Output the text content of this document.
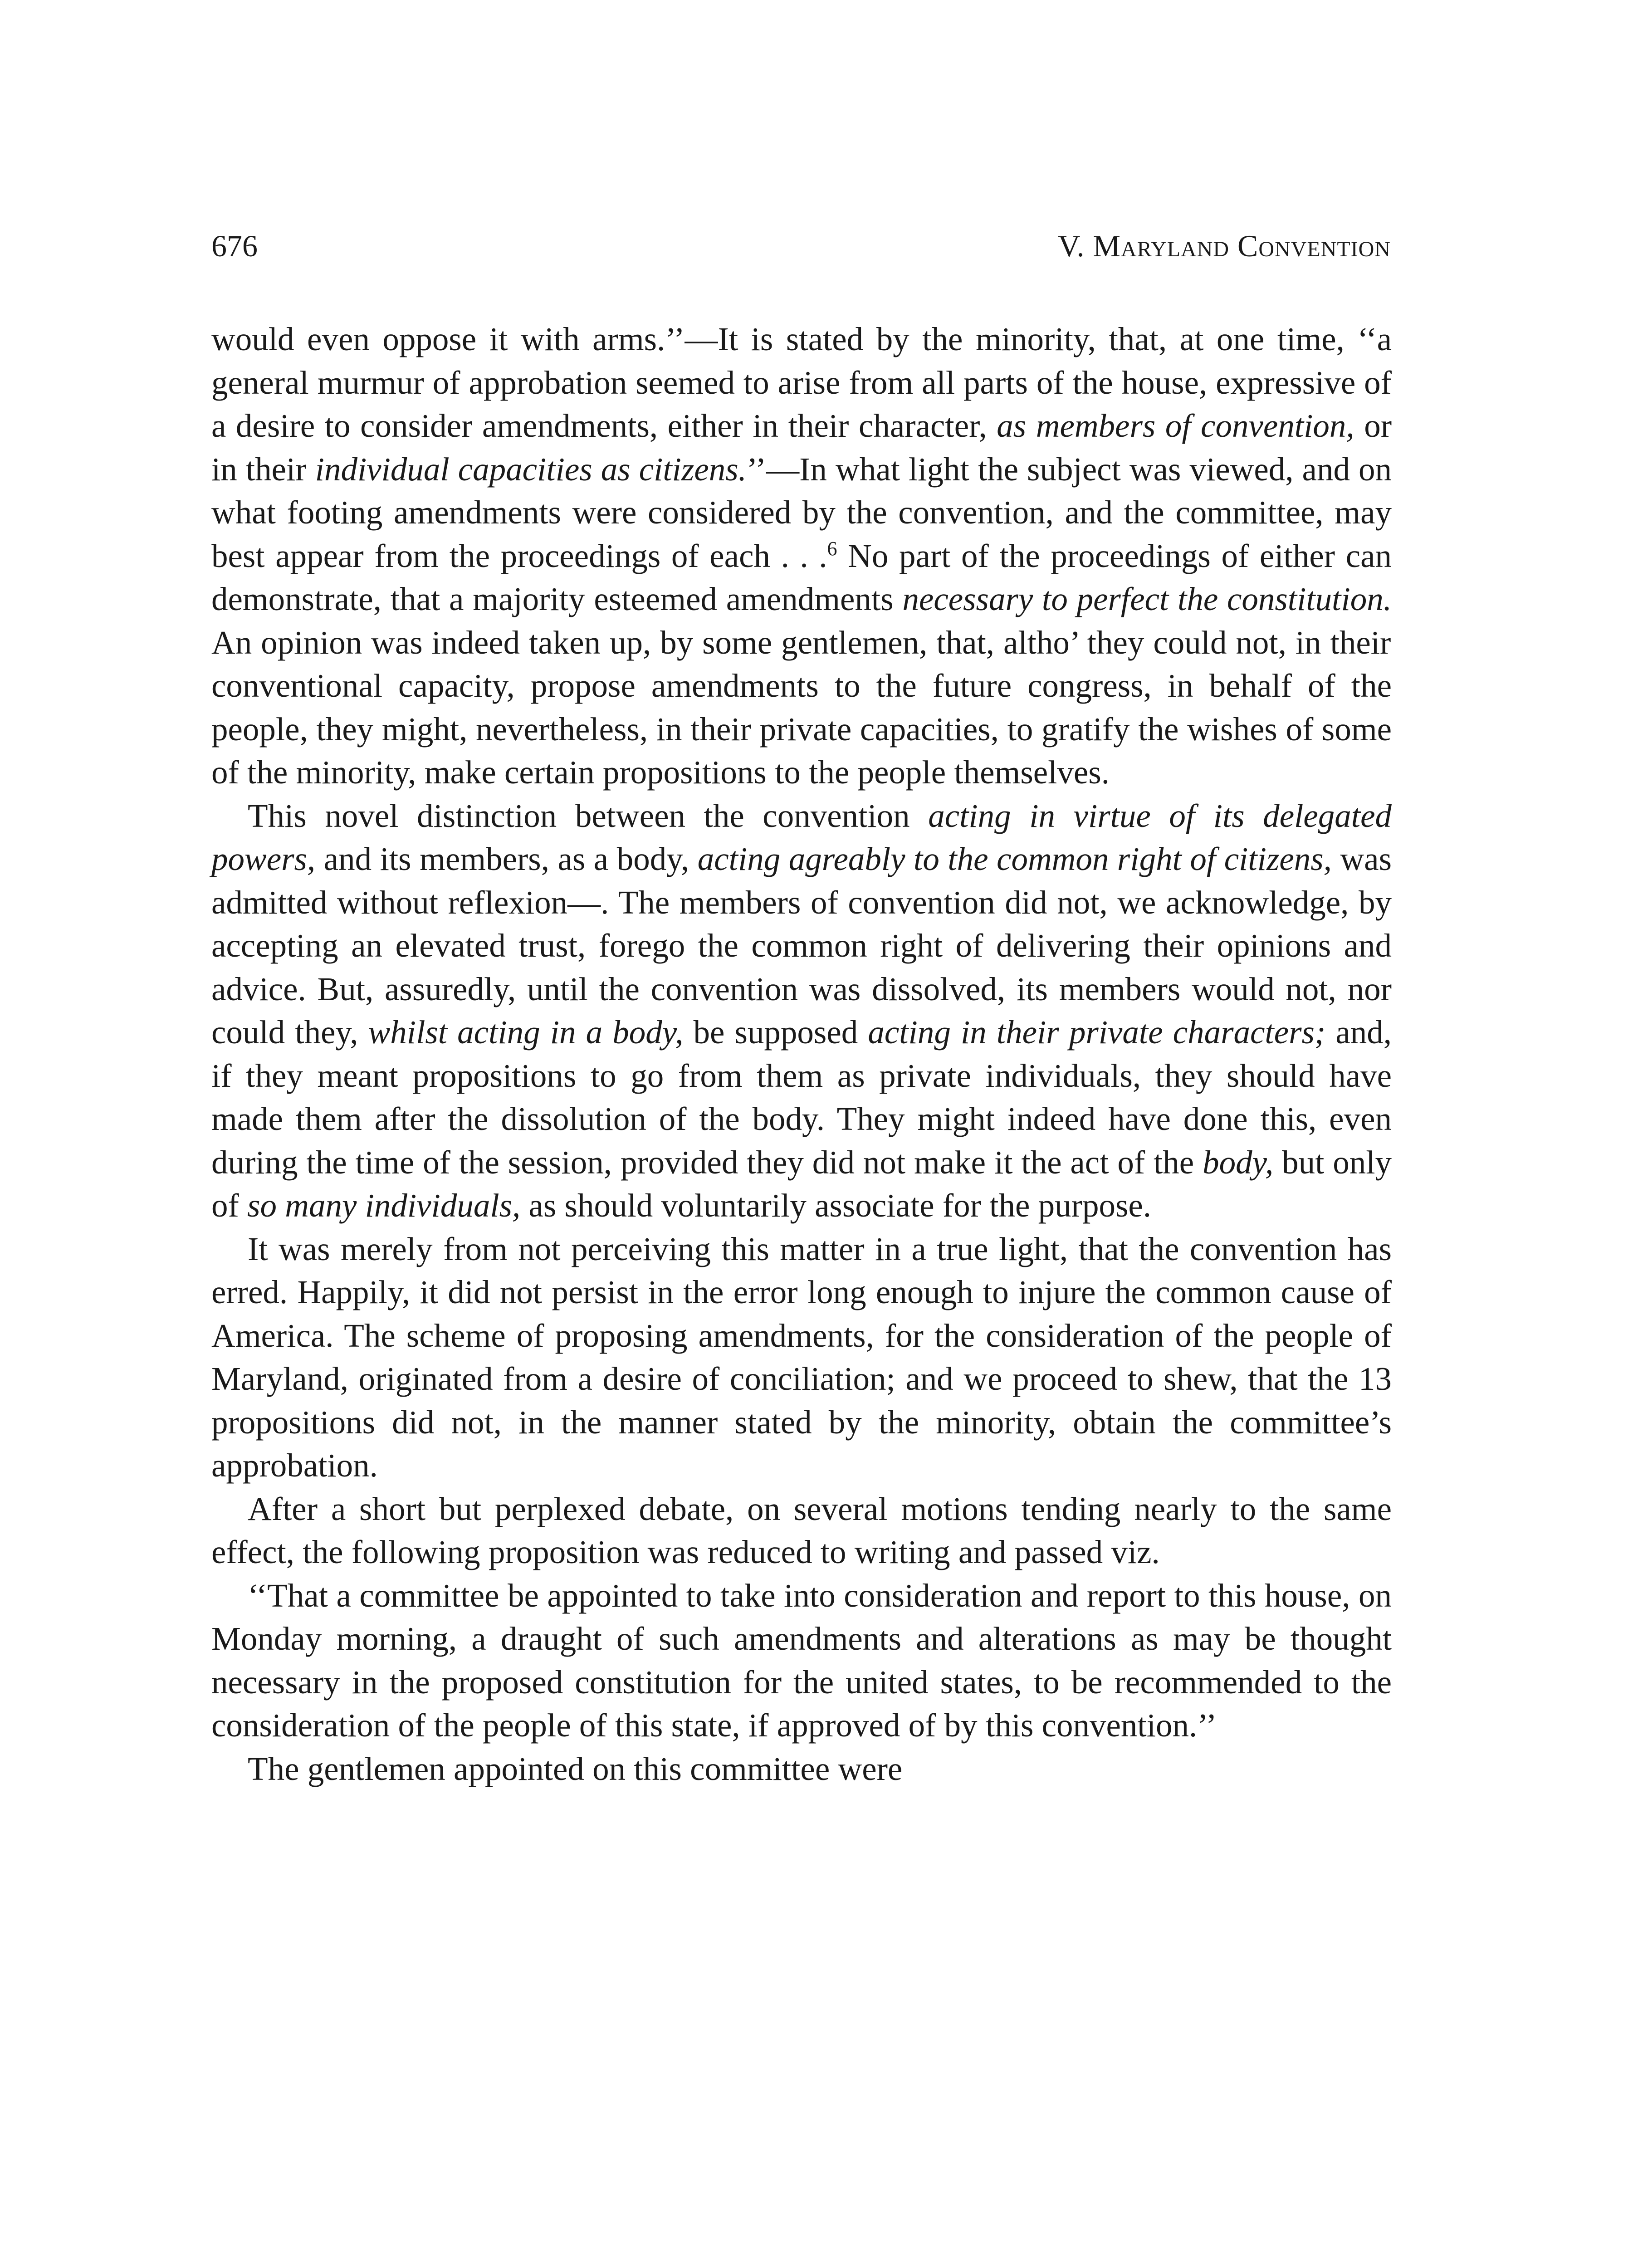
676	V. Maryland Convention

would even oppose it with arms.’’—It is stated by the minority, that, at one time, ‘‘a general murmur of approbation seemed to arise from all parts of the house, expressive of a desire to consider amendments, either in their character, as members of convention, or in their individual capacities as citizens.’’—In what light the subject was viewed, and on what footing amendments were considered by the convention, and the committee, may best appear from the proceedings of each . . .$^6$ No part of the proceedings of either can demonstrate, that a majority esteemed amendments necessary to perfect the constitution. An opinion was indeed taken up, by some gentlemen, that, altho’ they could not, in their conventional capacity, propose amendments to the future congress, in behalf of the people, they might, nevertheless, in their private capacities, to gratify the wishes of some of the minority, make certain propositions to the people themselves.

This novel distinction between the convention acting in virtue of its delegated powers, and its members, as a body, acting agreably to the common right of citizens, was admitted without reflexion—. The members of convention did not, we acknowledge, by accepting an elevated trust, forego the common right of delivering their opinions and advice. But, assuredly, until the convention was dissolved, its members would not, nor could they, whilst acting in a body, be supposed acting in their private characters; and, if they meant propositions to go from them as private individuals, they should have made them after the dissolution of the body. They might indeed have done this, even during the time of the session, provided they did not make it the act of the body, but only of so many individuals, as should voluntarily associate for the purpose.

It was merely from not perceiving this matter in a true light, that the convention has erred. Happily, it did not persist in the error long enough to injure the common cause of America. The scheme of proposing amendments, for the consideration of the people of Maryland, originated from a desire of conciliation; and we proceed to shew, that the 13 propositions did not, in the manner stated by the minority, obtain the committee’s approbation.

After a short but perplexed debate, on several motions tending nearly to the same effect, the following proposition was reduced to writing and passed viz.

‘‘That a committee be appointed to take into consideration and report to this house, on Monday morning, a draught of such amendments and alterations as may be thought necessary in the proposed constitution for the united states, to be recommended to the consideration of the people of this state, if approved of by this convention.’’

The gentlemen appointed on this committee were
